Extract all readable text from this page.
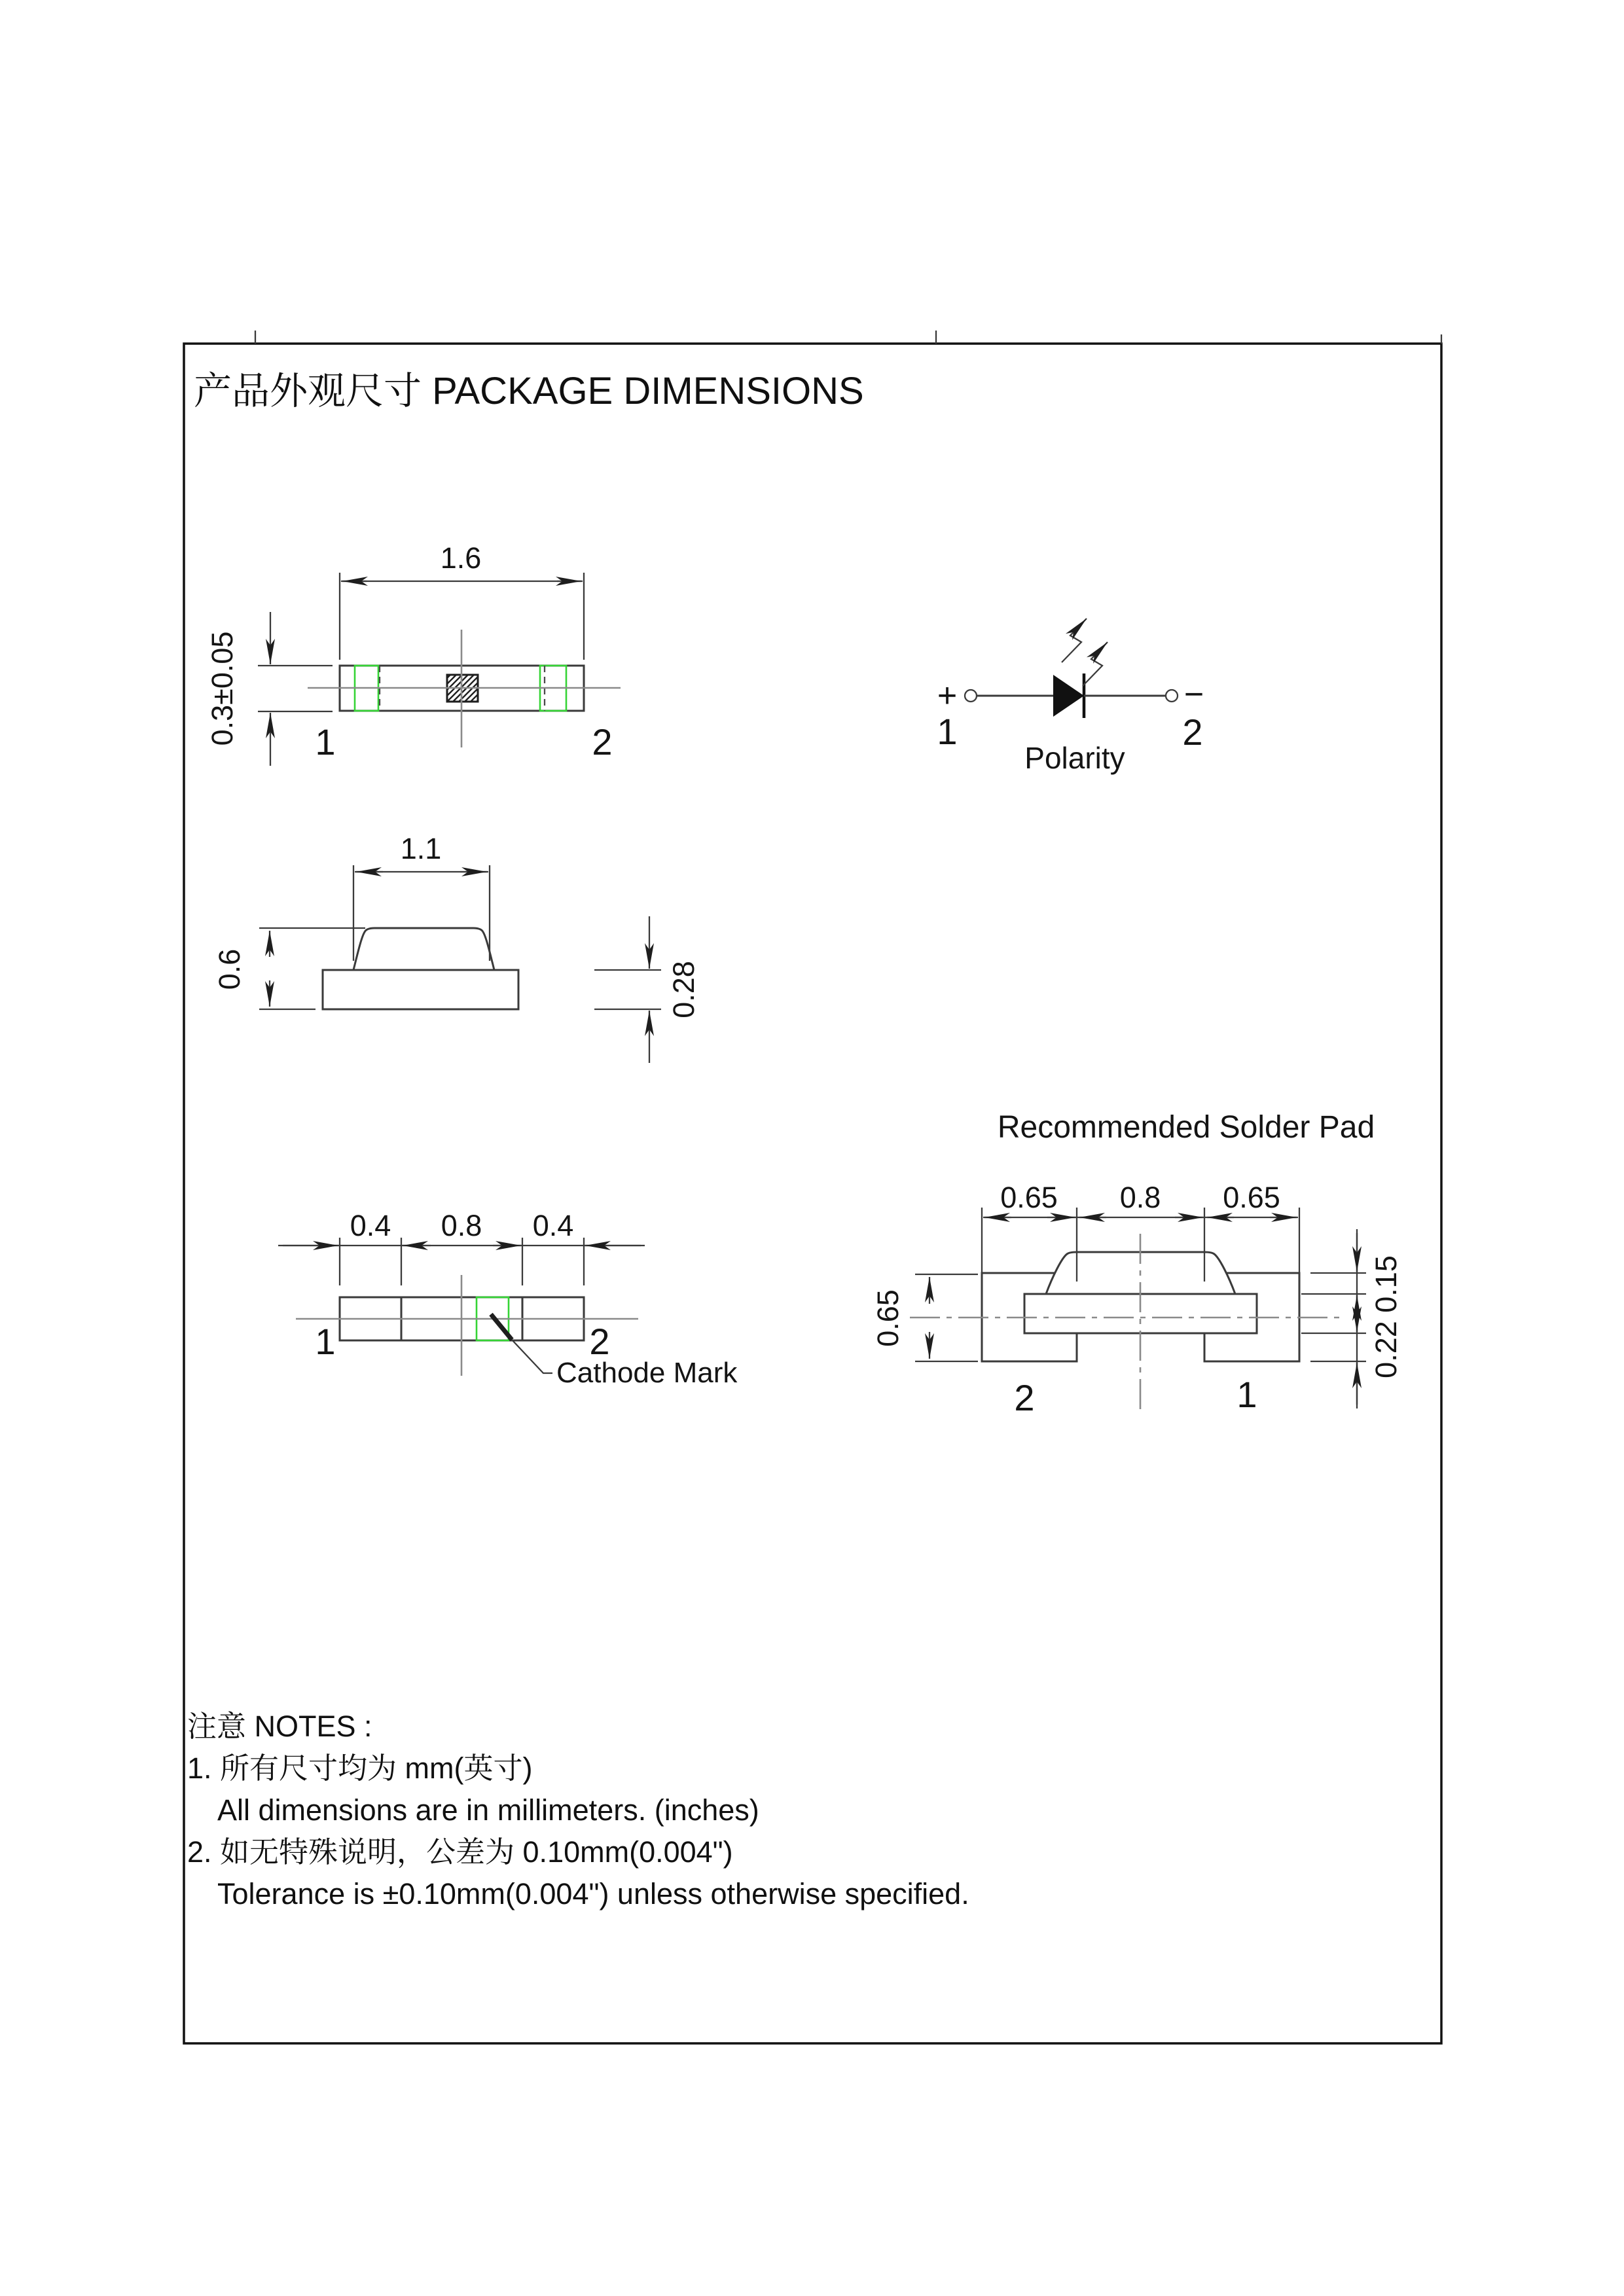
产品外观尺寸 PACKAGE DIMENSIONS
1.6
0.3±0.05 1	2
+	−
1	2
Polarity
1.1
0.6	0.28
0.4 0.8 0.4
1	2
Cathode Mark
Recommended Solder Pad
0.65 0.8 0.65
0.65	0.22 0.15
2	1
注意 NOTES :
1. 所有尺寸均为 mm(英寸)
All dimensions are in millimeters. (inches)
2. 如无特殊说明，公差为 0.10mm(0.004")
Tolerance is ±0.10mm(0.004") unless otherwise specified.
